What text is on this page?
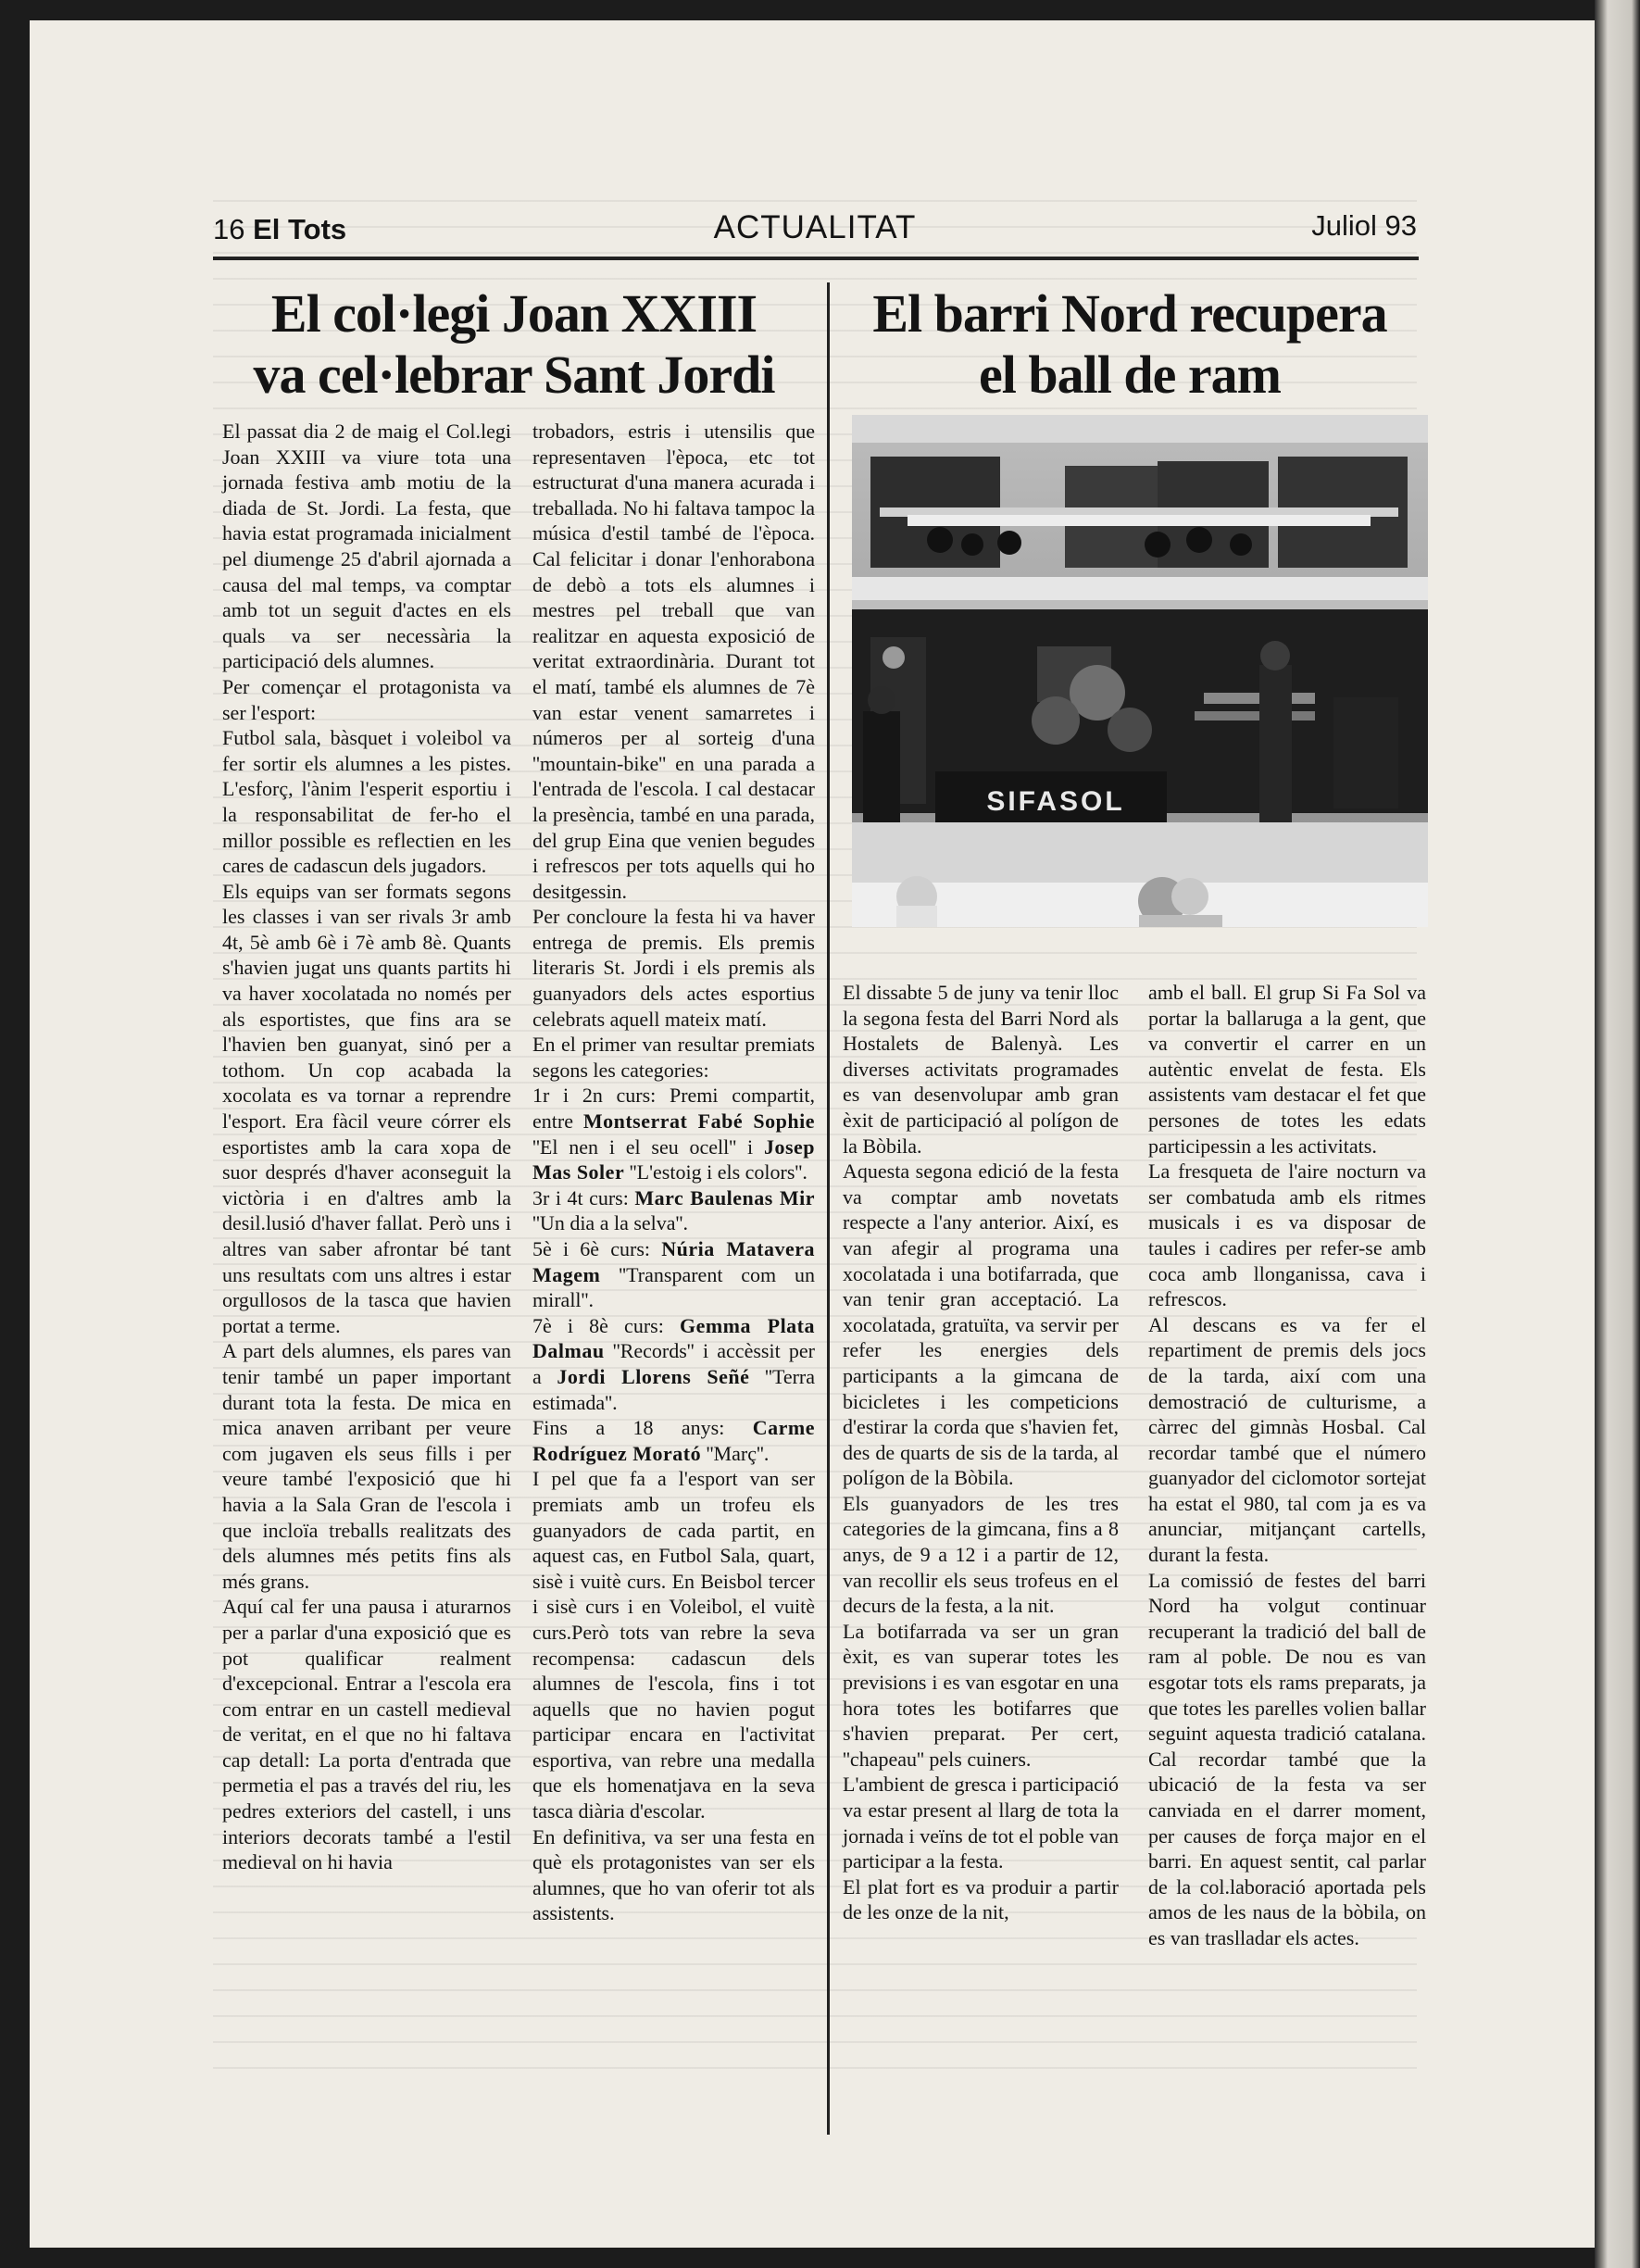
16 El Tots	ACTUALITAT	Juliol 93
El col·legi Joan XXIII
va cel·lebrar Sant Jordi

El passat dia 2 de maig el Col.legi Joan XXIII va viure tota una jornada festiva amb motiu de la diada de St. Jordi. La festa, que havia estat programada inicialment pel diumenge 25 d'abril ajornada a causa del mal temps, va comptar amb tot un seguit d'actes en els quals va ser necessària la participació dels alumnes.

Per començar el protagonista va ser l'esport:

Futbol sala, bàsquet i voleibol va fer sortir els alumnes a les pistes. L'esforç, l'ànim l'esperit esportiu i la responsabilitat de fer-ho el millor possible es reflectien en les cares de cadascun dels jugadors.

Els equips van ser formats segons les classes i van ser rivals 3r amb 4t, 5è amb 6è i 7è amb 8è. Quants s'havien jugat uns quants partits hi va haver xocolatada no només per als esportistes, que fins ara se l'havien ben guanyat, sinó per a tothom. Un cop acabada la xocolata es va tornar a reprendre l'esport. Era fàcil veure córrer els esportistes amb la cara xopa de suor després d'haver aconseguit la victòria i en d'altres amb la desil.lusió d'haver fallat. Però uns i altres van saber afrontar bé tant uns resultats com uns altres i estar orgullosos de la tasca que havien portat a terme.

A part dels alumnes, els pares van tenir també un paper important durant tota la festa. De mica en mica anaven arribant per veure com jugaven els seus fills i per veure també l'exposició que hi havia a la Sala Gran de l'escola i que incloïa treballs realitzats des dels alumnes més petits fins als més grans.

Aquí cal fer una pausa i aturarnos per a parlar d'una exposició que es pot qualificar realment d'excepcional. Entrar a l'escola era com entrar en un castell medieval de veritat, en el que no hi faltava cap detall: La porta d'entrada que permetia el pas a través del riu, les pedres exteriors del castell, i uns interiors decorats també a l'estil medieval on hi havia

trobadors, estris i utensilis que representaven l'època, etc tot estructurat d'una manera acurada i treballada. No hi faltava tampoc la música d'estil també de l'època. Cal felicitar i donar l'enhorabona de debò a tots els alumnes i mestres pel treball que van realitzar en aquesta exposició de veritat extraordinària. Durant tot el matí, també els alumnes de 7è van estar venent samarretes i números per al sorteig d'una ''mountain-bike'' en una parada a l'entrada de l'escola. I cal destacar la presència, també en una parada, del grup Eina que venien begudes i refrescos per tots aquells qui ho desitgessin.

Per concloure la festa hi va haver entrega de premis. Els premis literaris St. Jordi i els premis als guanyadors dels actes esportius celebrats aquell mateix matí.

En el primer van resultar premiats segons les categories:

1r i 2n curs: Premi compartit, entre Montserrat Fabé Sophie ''El nen i el seu ocell'' i Josep Mas Soler ''L'estoig i els colors''.

3r i 4t curs: Marc Baulenas Mir ''Un dia a la selva''.

5è i 6è curs: Núria Matavera Magem ''Transparent com un mirall''.

7è i 8è curs: Gemma Plata Dalmau ''Records'' i accèssit per a Jordi Llorens Señé ''Terra estimada''.

Fins a 18 anys: Carme Rodríguez Morató ''Març''.

I pel que fa a l'esport van ser premiats amb un trofeu els guanyadors de cada partit, en aquest cas, en Futbol Sala, quart, sisè i vuitè curs. En Beisbol tercer i sisè curs i en Voleibol, el vuitè curs.Però tots van rebre la seva recompensa: cadascun dels alumnes de l'escola, fins i tot aquells que no havien pogut participar encara en l'activitat esportiva, van rebre una medalla que els homenatjava en la seva tasca diària d'escolar.

En definitiva, va ser una festa en què els protagonistes van ser els alumnes, que ho van oferir tot als assistents.

El barri Nord recupera
el ball de ram
SIFASOL

El dissabte 5 de juny va tenir lloc la segona festa del Barri Nord als Hostalets de Balenyà. Les diverses activitats programades es van desenvolupar amb gran èxit de participació al polígon de la Bòbila.

Aquesta segona edició de la festa va comptar amb novetats respecte a l'any anterior. Així, es van afegir al programa una xocolatada i una botifarrada, que van tenir gran acceptació. La xocolatada, gratuïta, va servir per refer les energies dels participants a la gimcana de bicicletes i les competicions d'estirar la corda que s'havien fet, des de quarts de sis de la tarda, al polígon de la Bòbila.

Els guanyadors de les tres categories de la gimcana, fins a 8 anys, de 9 a 12 i a partir de 12, van recollir els seus trofeus en el decurs de la festa, a la nit.

La botifarrada va ser un gran èxit, es van superar totes les previsions i es van esgotar en una hora totes les botifarres que s'havien preparat. Per cert, ''chapeau'' pels cuiners.

L'ambient de gresca i participació va estar present al llarg de tota la jornada i veïns de tot el poble van participar a la festa.

El plat fort es va produir a partir de les onze de la nit,

amb el ball. El grup Si Fa Sol va portar la ballaruga a la gent, que va convertir el carrer en un autèntic envelat de festa. Els assistents vam destacar el fet que persones de totes les edats participessin a les activitats.

La fresqueta de l'aire nocturn va ser combatuda amb els ritmes musicals i es va disposar de taules i cadires per refer-se amb coca amb llonganissa, cava i refrescos.

Al descans es va fer el repartiment de premis dels jocs de la tarda, així com una demostració de culturisme, a càrrec del gimnàs Hosbal. Cal recordar també que el número guanyador del ciclomotor sortejat ha estat el 980, tal com ja es va anunciar, mitjançant cartells, durant la festa.

La comissió de festes del barri Nord ha volgut continuar recuperant la tradició del ball de ram al poble. De nou es van esgotar tots els rams preparats, ja que totes les parelles volien ballar seguint aquesta tradició catalana. Cal recordar també que la ubicació de la festa va ser canviada en el darrer moment, per causes de força major en el barri. En aquest sentit, cal parlar de la col.laboració aportada pels amos de les naus de la bòbila, on es van traslladar els actes.
